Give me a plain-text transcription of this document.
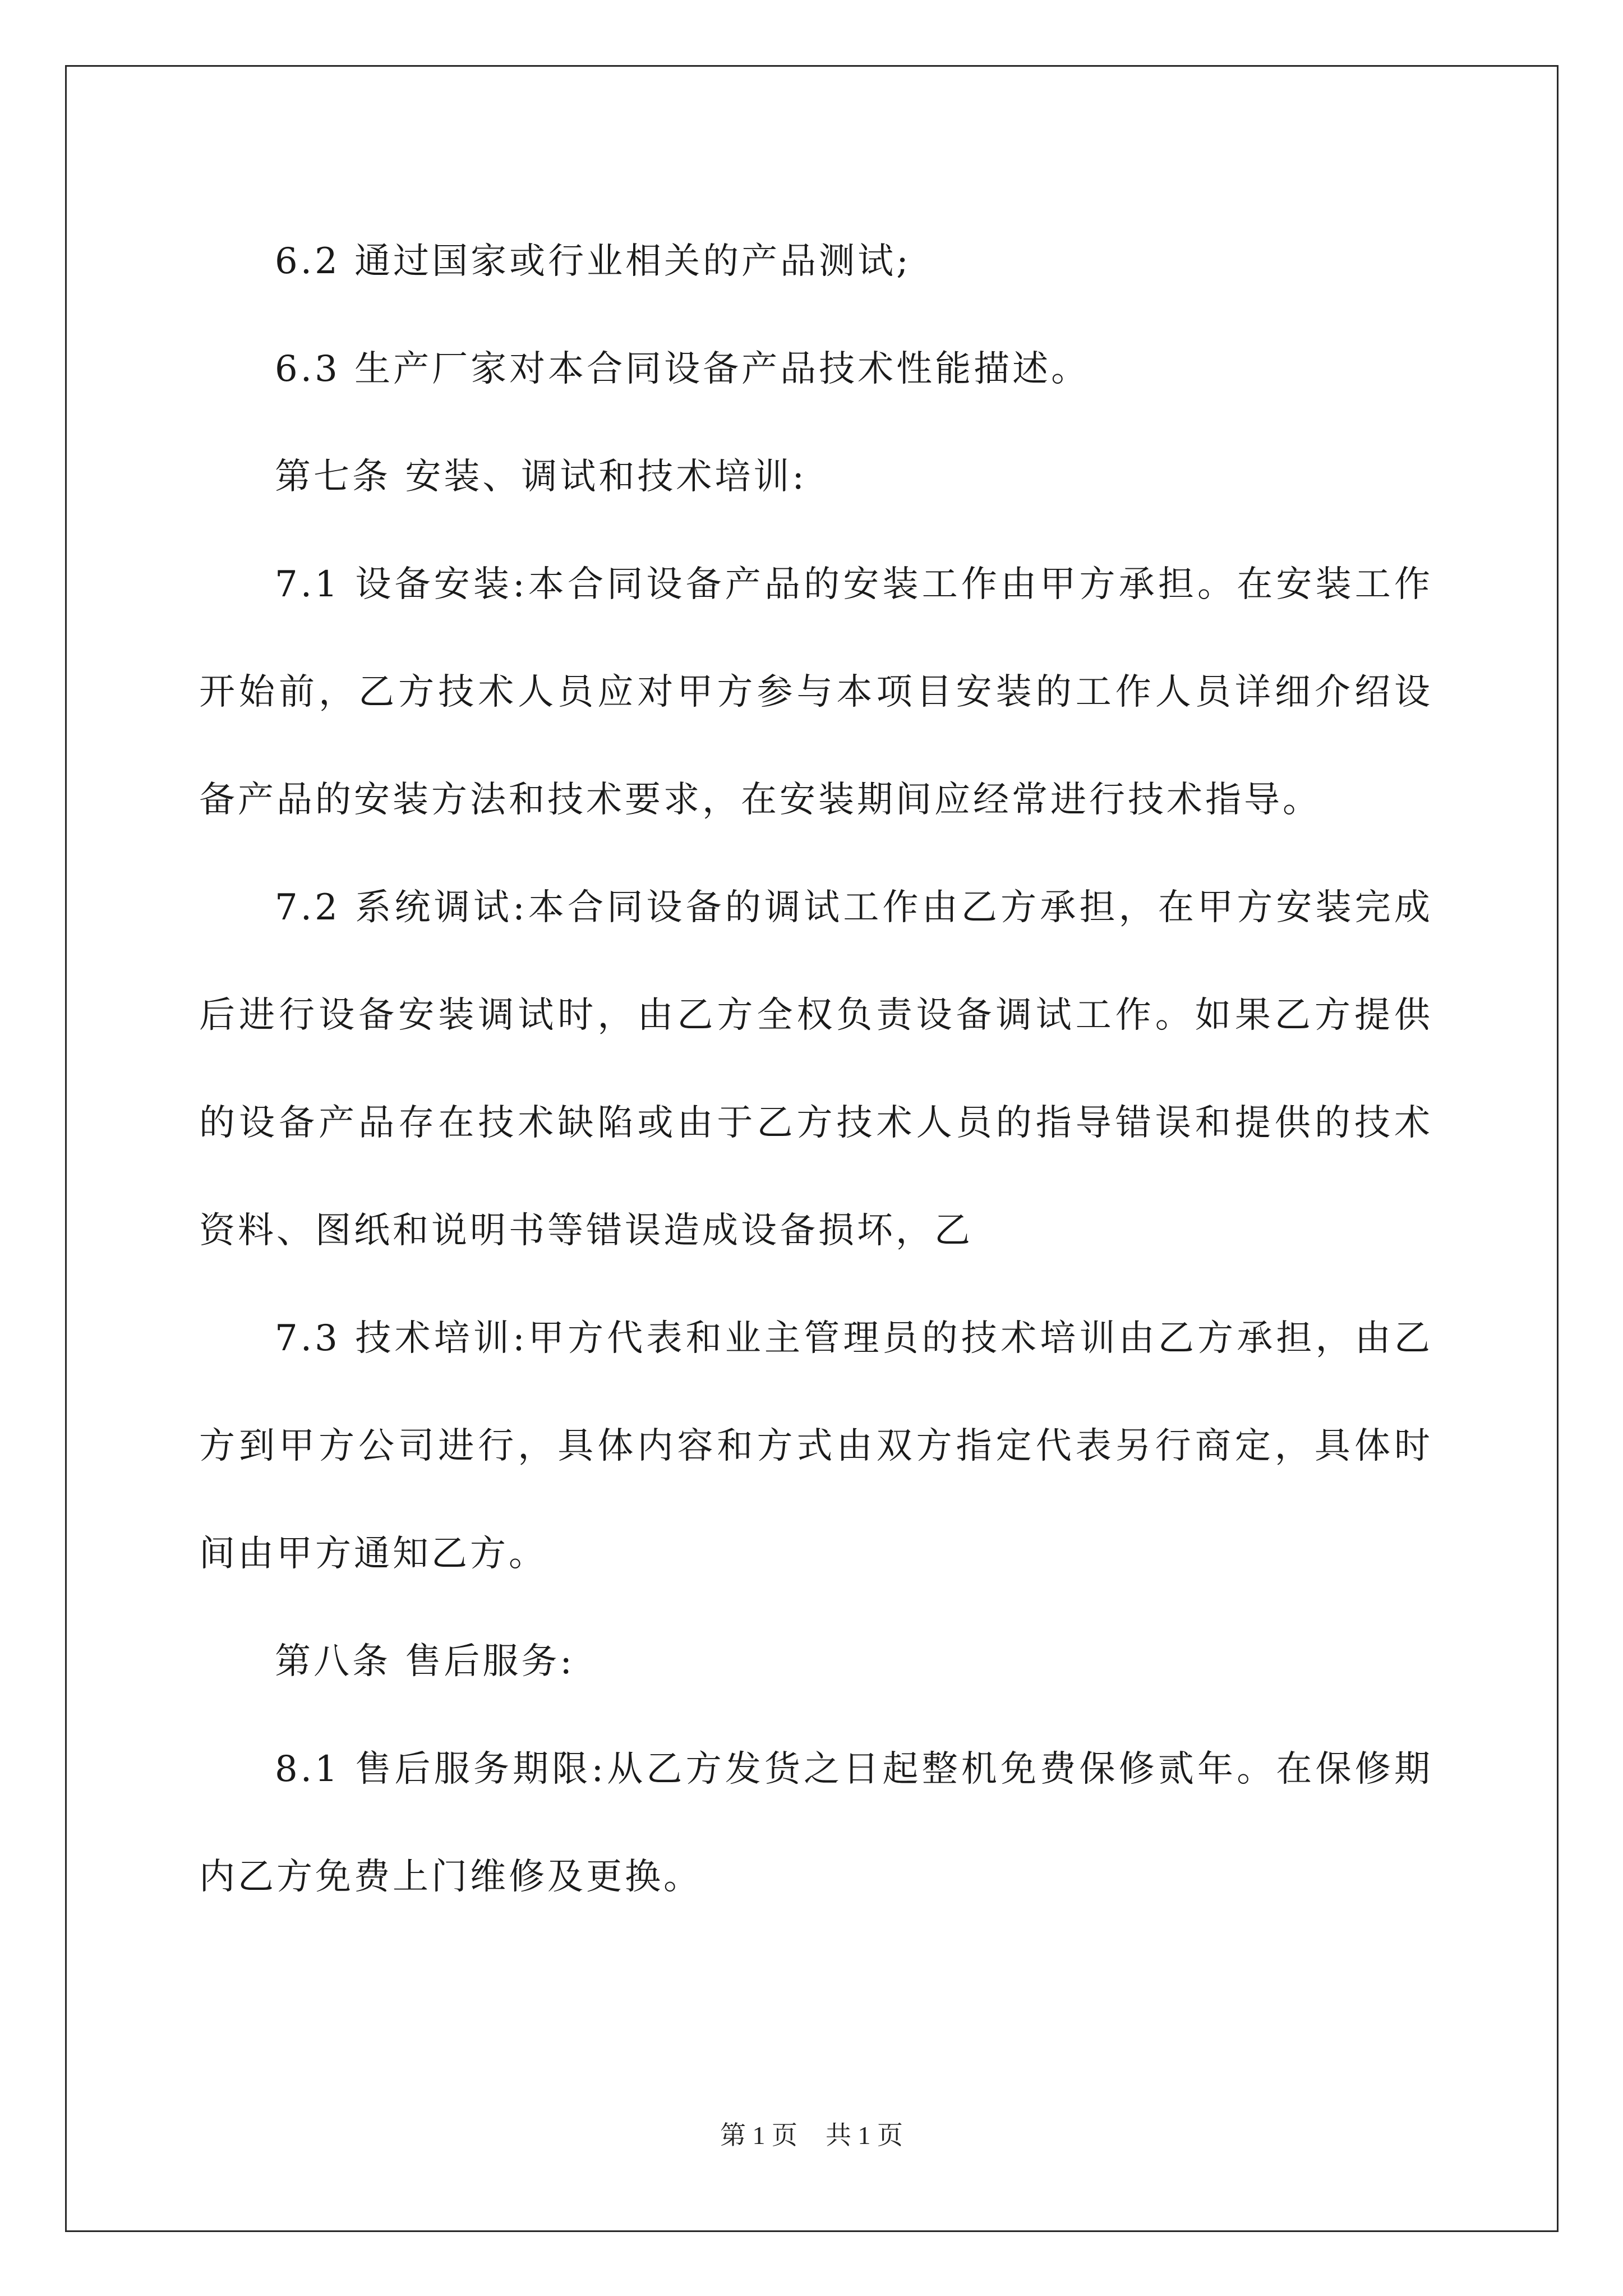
6.2 通过国家或行业相关的产品测试;

6.3 生产厂家对本合同设备产品技术性能描述。

第七条 安装、调试和技术培训:

7.1 设备安装:本合同设备产品的安装工作由甲方承担。在安装工作开始前，乙方技术人员应对甲方参与本项目安装的工作人员详细介绍设备产品的安装方法和技术要求，在安装期间应经常进行技术指导。

7.2 系统调试:本合同设备的调试工作由乙方承担，在甲方安装完成后进行设备安装调试时，由乙方全权负责设备调试工作。如果乙方提供的设备产品存在技术缺陷或由于乙方技术人员的指导错误和提供的技术资料、图纸和说明书等错误造成设备损坏，乙

7.3 技术培训:甲方代表和业主管理员的技术培训由乙方承担，由乙方到甲方公司进行，具体内容和方式由双方指定代表另行商定，具体时间由甲方通知乙方。

第八条 售后服务:

8.1 售后服务期限:从乙方发货之日起整机免费保修贰年。在保修期内乙方免费上门维修及更换。

第 1 页 共 1 页
